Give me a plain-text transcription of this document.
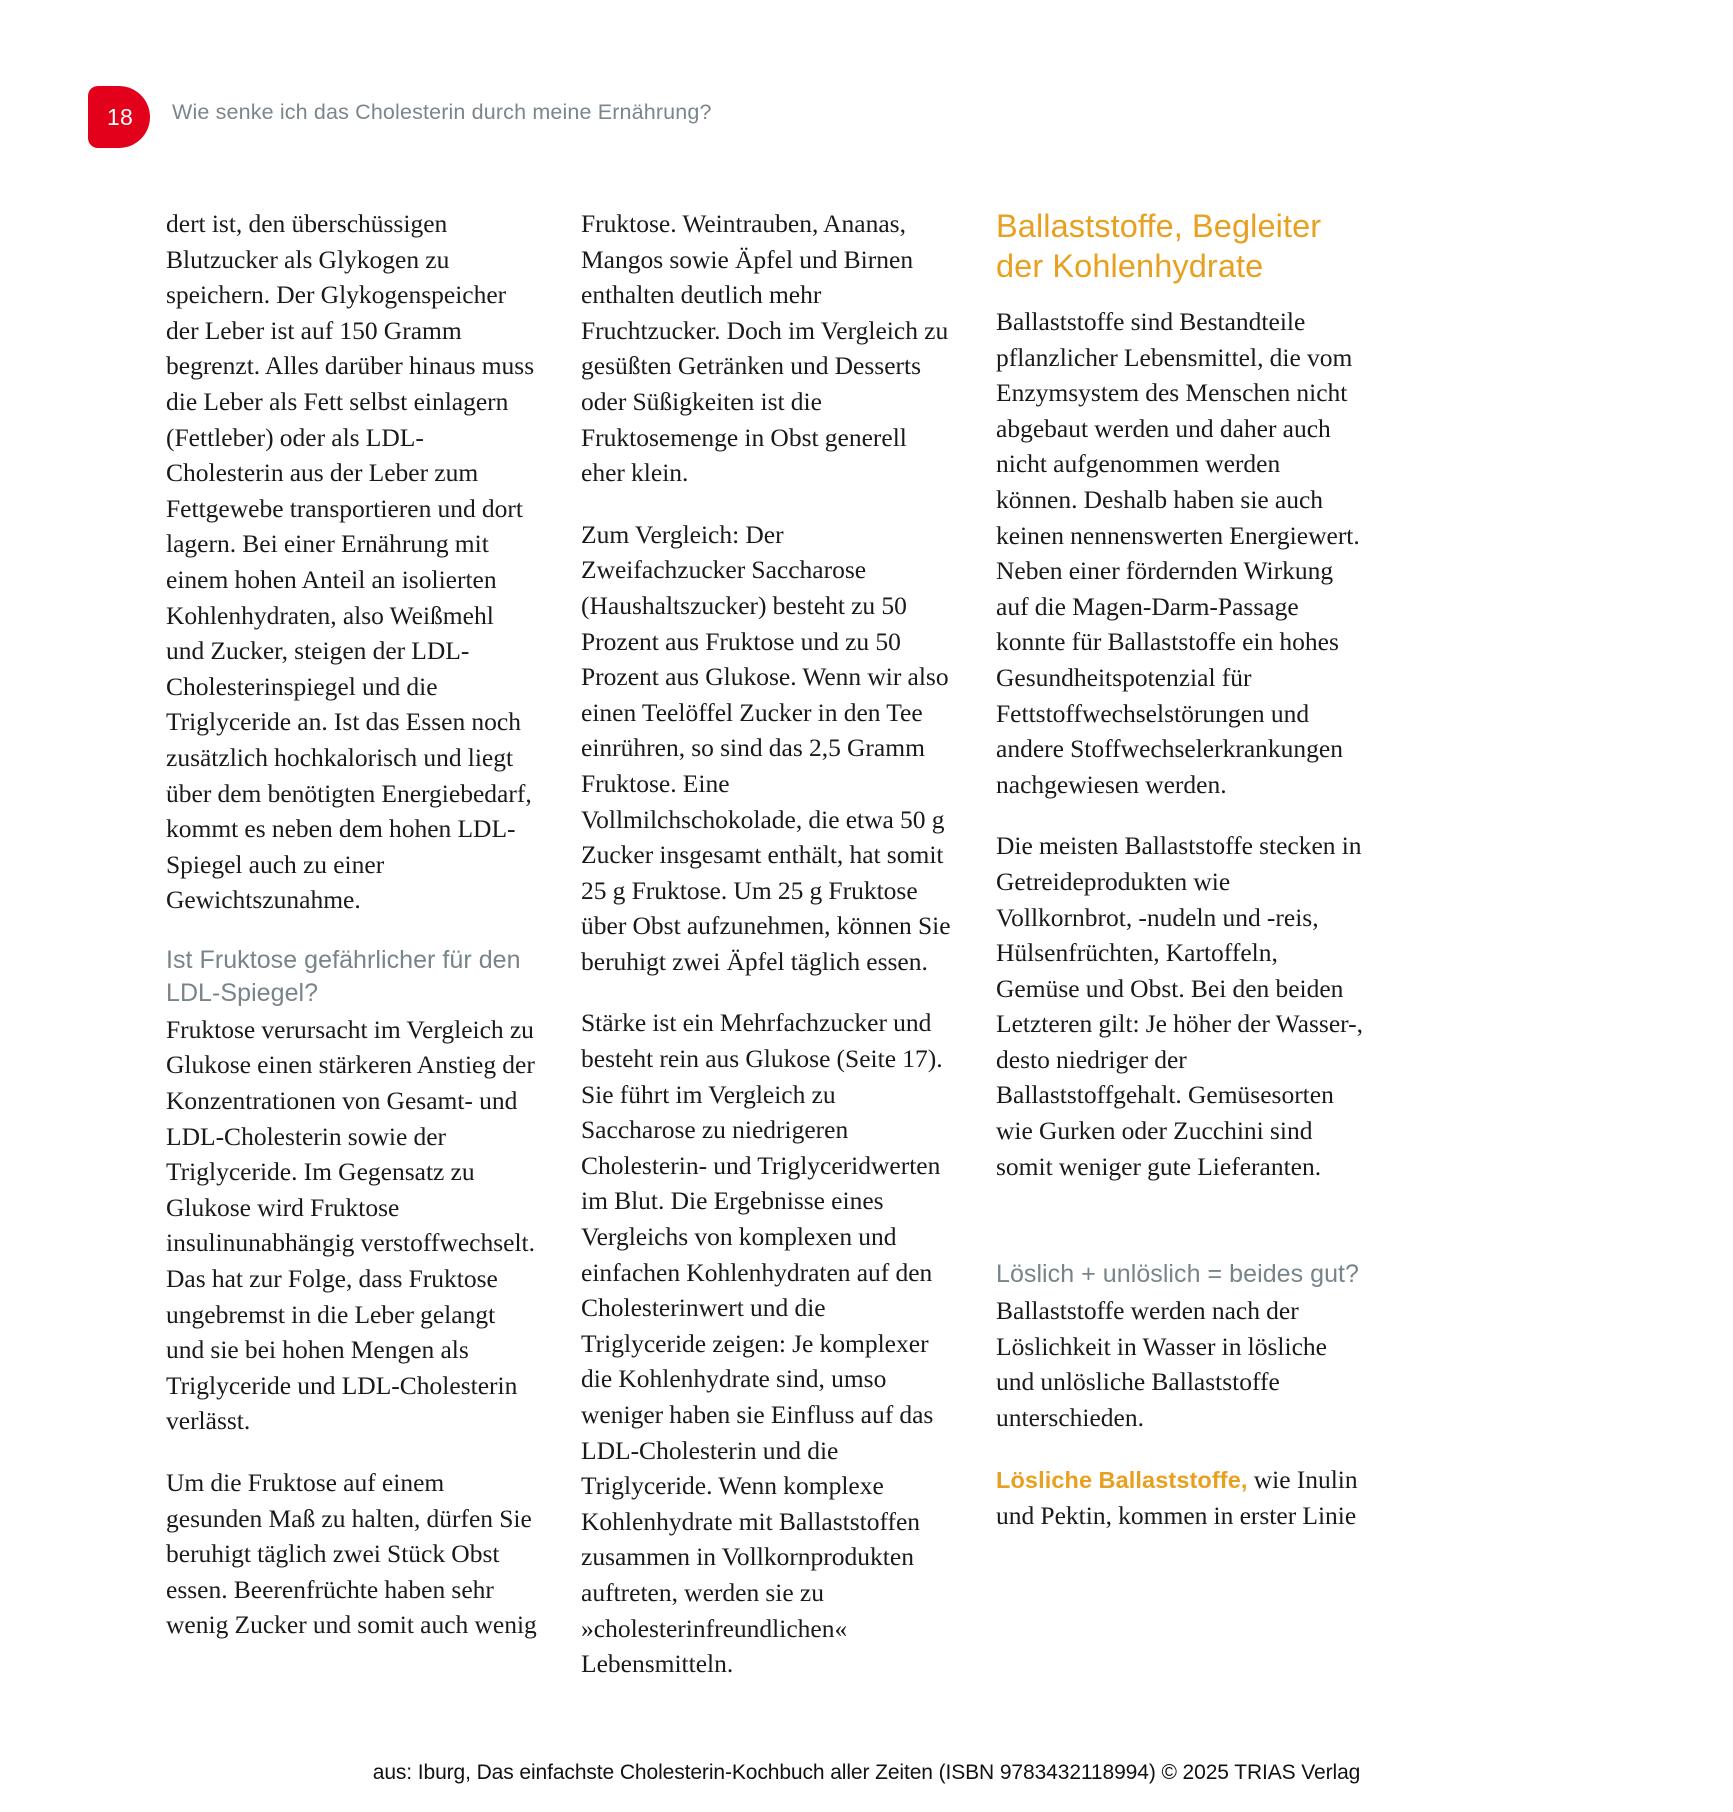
18 Wie senke ich das Cholesterin durch meine Ernährung?

dert ist, den überschüssigen Blutzucker als Glykogen zu speichern. Der Glykogenspeicher der Leber ist auf 150 Gramm begrenzt. Alles darüber hinaus muss die Leber als Fett selbst einlagern (Fettleber) oder als LDL-Cholesterin aus der Leber zum Fettgewebe transportieren und dort lagern. Bei einer Ernährung mit einem hohen Anteil an isolierten Kohlenhydraten, also Weißmehl und Zucker, steigen der LDL-Cholesterinspiegel und die Triglyceride an. Ist das Essen noch zusätzlich hochkalorisch und liegt über dem benötigten Energiebedarf, kommt es neben dem hohen LDL-Spiegel auch zu einer Gewichtszunahme.

Ist Fruktose gefährlicher für den LDL-Spiegel?

Fruktose verursacht im Vergleich zu Glukose einen stärkeren Anstieg der Konzentrationen von Gesamt- und LDL-Cholesterin sowie der Triglyceride. Im Gegensatz zu Glukose wird Fruktose insulinunabhängig verstoffwechselt. Das hat zur Folge, dass Fruktose ungebremst in die Leber gelangt und sie bei hohen Mengen als Triglyceride und LDL-Cholesterin verlässt.

Um die Fruktose auf einem gesunden Maß zu halten, dürfen Sie beruhigt täglich zwei Stück Obst essen. Beerenfrüchte haben sehr wenig Zucker und somit auch wenig

Fruktose. Weintrauben, Ananas, Mangos sowie Äpfel und Birnen enthalten deutlich mehr Fruchtzucker. Doch im Vergleich zu gesüßten Getränken und Desserts oder Süßigkeiten ist die Fruktosemenge in Obst generell eher klein.

Zum Vergleich: Der Zweifachzucker Saccharose (Haushaltszucker) besteht zu 50 Prozent aus Fruktose und zu 50 Prozent aus Glukose. Wenn wir also einen Teelöffel Zucker in den Tee einrühren, so sind das 2,5 Gramm Fruktose. Eine Vollmilchschokolade, die etwa 50 g Zucker insgesamt enthält, hat somit 25 g Fruktose. Um 25 g Fruktose über Obst aufzunehmen, können Sie beruhigt zwei Äpfel täglich essen.

Stärke ist ein Mehrfachzucker und besteht rein aus Glukose (Seite 17). Sie führt im Vergleich zu Saccharose zu niedrigeren Cholesterin- und Triglyceridwerten im Blut. Die Ergebnisse eines Vergleichs von komplexen und einfachen Kohlenhydraten auf den Cholesterinwert und die Triglyceride zeigen: Je komplexer die Kohlenhydrate sind, umso weniger haben sie Einfluss auf das LDL-Cholesterin und die Triglyceride. Wenn komplexe Kohlenhydrate mit Ballaststoffen zusammen in Vollkornprodukten auftreten, werden sie zu »cholesterinfreundlichen« Lebensmitteln.

Ballaststoffe, Begleiter der Kohlenhydrate

Ballaststoffe sind Bestandteile pflanzlicher Lebensmittel, die vom Enzymsystem des Menschen nicht abgebaut werden und daher auch nicht aufgenommen werden können. Deshalb haben sie auch keinen nennenswerten Energiewert. Neben einer fördernden Wirkung auf die Magen-Darm-Passage konnte für Ballaststoffe ein hohes Gesundheitspotenzial für Fettstoffwechselstörungen und andere Stoffwechselerkrankungen nachgewiesen werden.

Die meisten Ballaststoffe stecken in Getreideprodukten wie Vollkornbrot, -nudeln und -reis, Hülsenfrüchten, Kartoffeln, Gemüse und Obst. Bei den beiden Letzteren gilt: Je höher der Wasser-, desto niedriger der Ballaststoffgehalt. Gemüsesorten wie Gurken oder Zucchini sind somit weniger gute Lieferanten.

Löslich + unlöslich = beides gut?

Ballaststoffe werden nach der Löslichkeit in Wasser in lösliche und unlösliche Ballaststoffe unterschieden.

Lösliche Ballaststoffe, wie Inulin und Pektin, kommen in erster Linie

aus: Iburg, Das einfachste Cholesterin-Kochbuch aller Zeiten (ISBN 9783432118994) © 2025 TRIAS Verlag
